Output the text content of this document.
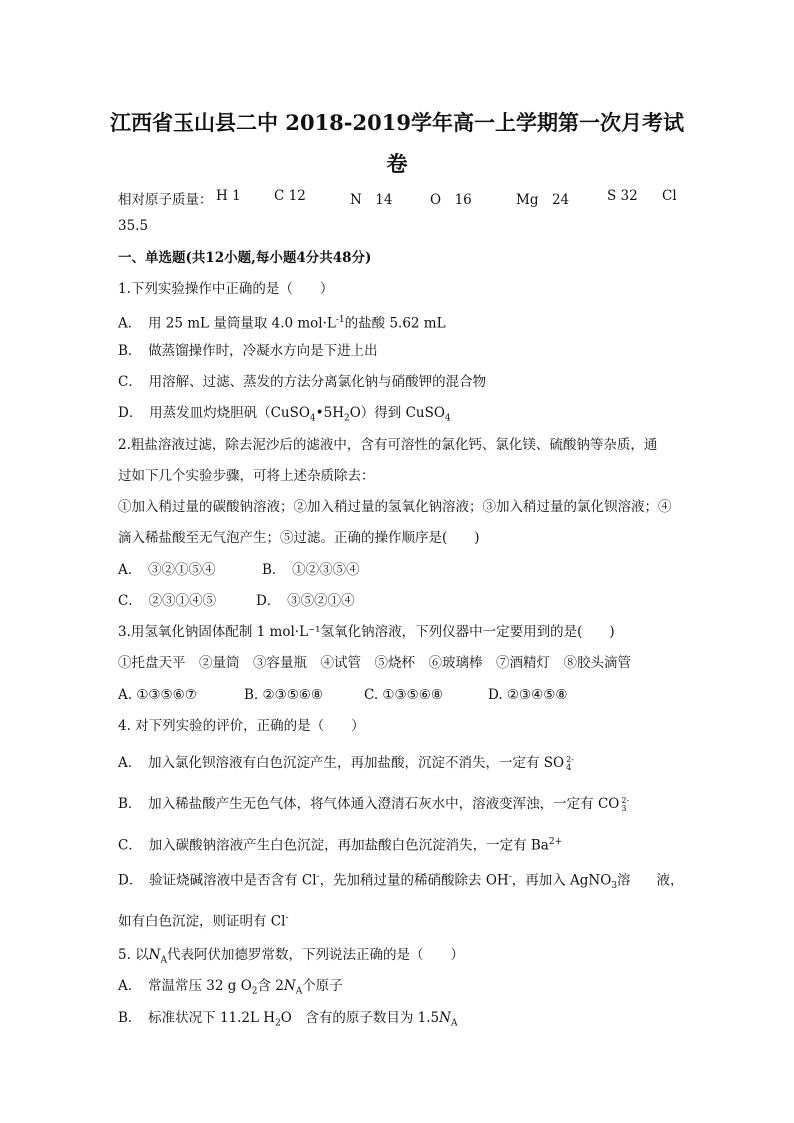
江西省玉山县二中 2018-2019学年高一上学期第一次月考试
卷
相对原子质量： H 1 C 12	N　14	O　16	Mg　24	S 32 Cl
35.5
一、单选题(共12小题,每小题4分共48分)
1.下列实验操作中正确的是（　　）
A．　用 25 mL 量筒量取 4.0 $mol\cdot L^{-1}$的盐酸 5.62 mL
B．　做蒸馏操作时，冷凝水方向是下进上出
C．　用溶解、过滤、蒸发的方法分离氯化钠与硝酸钾的混合物
D．　用蒸发皿灼烧胆矾$(CuSO_4•5H_2O)$得到 CuSO$_4$
2.粗盐溶液过滤，除去泥沙后的滤液中，含有可溶性的氯化钙、氯化镁、硫酸钠等杂质，通
过如下几个实验步骤，可将上述杂质除去：
①加入稍过量的碳酸钠溶液；②加入稍过量的氢氧化钠溶液；③加入稍过量的氯化钡溶液；④
滴入稀盐酸至无气泡产生；⑤过滤。正确的操作顺序是(　　)
A．　③②①⑤④	B．　①②③⑤④
C．　②③①④⑤	D．　③⑤②①④
3.用氢氧化钠固体配制 1 mol·L⁻¹氢氧化钠溶液，下列仪器中一定要用到的是(　　)
①托盘天平　②量筒　③容量瓶　④试管　⑤烧杯　⑥玻璃棒　⑦酒精灯　⑧胶头滴管
A. ①③⑤⑥⑦	B. ②③⑤⑥⑧	C. ①③⑤⑥⑧	D. ②③④⑤⑧
4. 对下列实验的评价，正确的是（　　）
A．　加入氯化钡溶液有白色沉淀产生，再加盐酸，沉淀不消失，一定有 SO 2-
4
B．　加入稀盐酸产生无色气体，将气体通入澄清石灰水中，溶液变浑浊，一定有 CO 2-
3
C．　加入碳酸钠溶液产生白色沉淀，再加盐酸白色沉淀消失，一定有 $Ba^{2+}$
D．　验证烧碱溶液中是否含有 Cl-，先加稍过量的稀硝酸除去 OH-，再加入 AgNO$_3$溶 液，
如有白色沉淀，则证明有 Cl-
5. 以$N_A$代表阿伏加德罗常数，下列说法正确的是（　　）
A．　常温常压 32 g $O_2$含 $2N_A$个原子
B．　标准状况下 11.2L $H_2O$　含有的原子数目为 $1.5N_A$
